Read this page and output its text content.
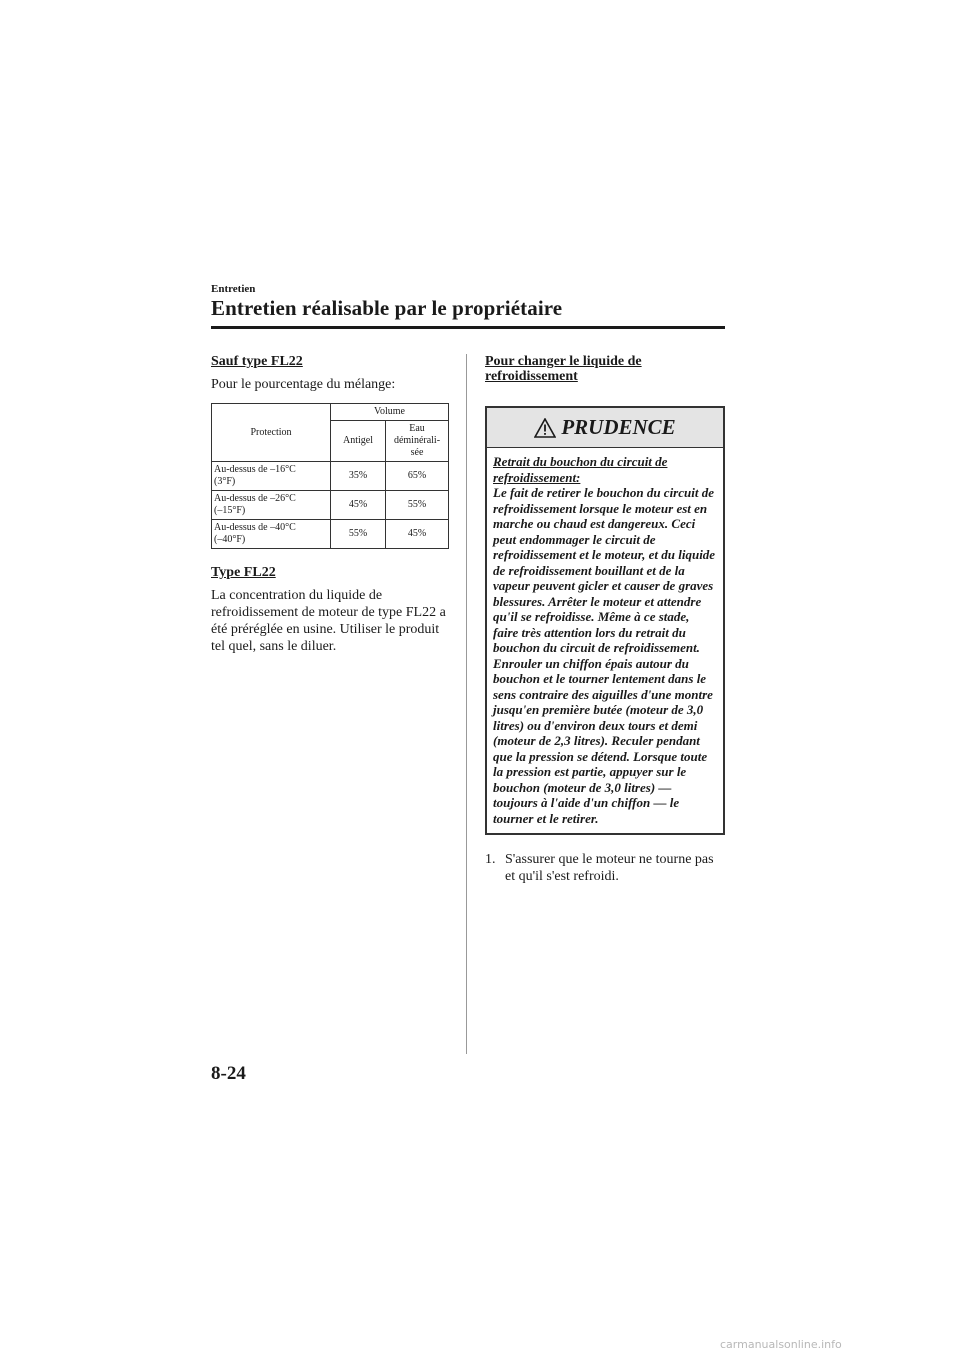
Entretien
Entretien réalisable par le propriétaire

Sauf type FL22

Pour le pourcentage du mélange:

Protection	Volume	
	Antigel	Eau déminérali-sée
Au-dessus de –16°C
(3°F)	35%	65%
Au-dessus de –26°C
(–15°F)	45%	55%
Au-dessus de –40°C
(–40°F)	55%	45%

Type FL22

La concentration du liquide de refroidissement de moteur de type FL22 a été préréglée en usine. Utiliser le produit tel quel, sans le diluer.

Pour changer le liquide de refroidissement

PRUDENCE
Retrait du bouchon du circuit de refroidissement:
Le fait de retirer le bouchon du circuit de refroidissement lorsque le moteur est en marche ou chaud est dangereux. Ceci peut endommager le circuit de refroidissement et le moteur, et du liquide de refroidissement bouillant et de la vapeur peuvent gicler et causer de graves blessures. Arrêter le moteur et attendre qu'il se refroidisse. Même à ce stade, faire très attention lors du retrait du bouchon du circuit de refroidissement. Enrouler un chiffon épais autour du bouchon et le tourner lentement dans le sens contraire des aiguilles d'une montre jusqu'en première butée (moteur de 3,0 litres) ou d'environ deux tours et demi (moteur de 2,3 litres). Reculer pendant que la pression se détend. Lorsque toute la pression est partie, appuyer sur le bouchon (moteur de 3,0 litres) — toujours à l'aide d'un chiffon — le tourner et le retirer.
1. S'assurer que le moteur ne tourne pas et qu'il s'est refroidi.
8-24
carmanualsonline.info
